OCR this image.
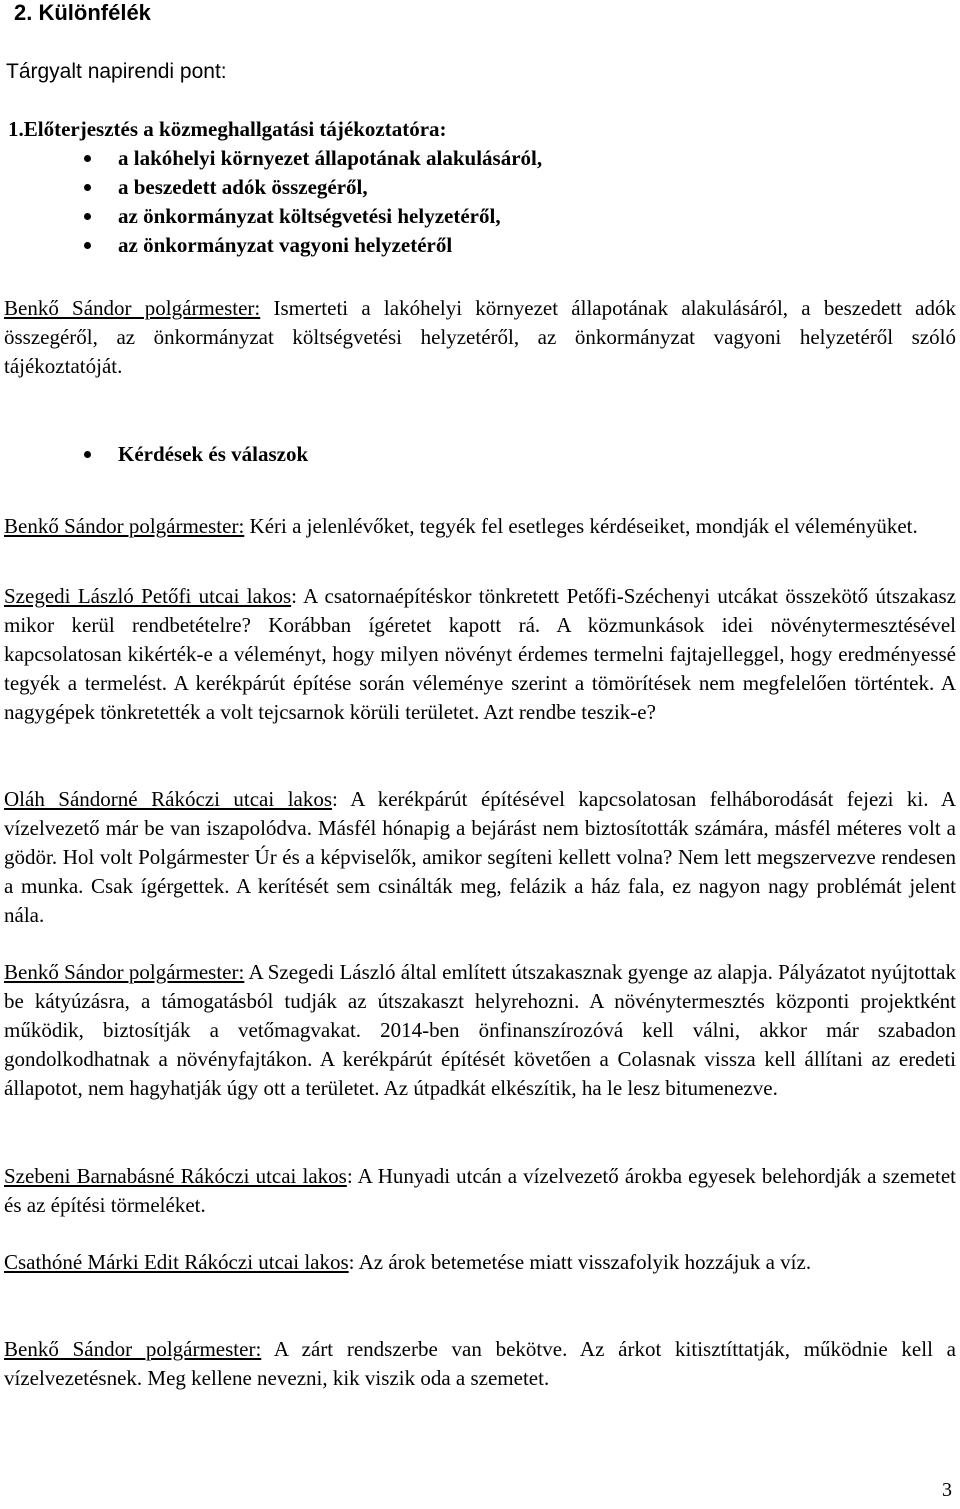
2. Különfélék
Tárgyalt napirendi pont:
1.Előterjesztés a közmeghallgatási tájékoztatóra:
a lakóhelyi környezet állapotának alakulásáról,
a beszedett adók összegéről,
az önkormányzat költségvetési helyzetéről,
az önkormányzat vagyoni helyzetéről

Benkő Sándor polgármester: Ismerteti a lakóhelyi környezet állapotának alakulásáról, a beszedett adók összegéről, az önkormányzat költségvetési helyzetéről, az önkormányzat vagyoni helyzetéről szóló tájékoztatóját.

Kérdések és válaszok

Benkő Sándor polgármester: Kéri a jelenlévőket, tegyék fel esetleges kérdéseiket, mondják el véleményüket.

Szegedi László Petőfi utcai lakos: A csatornaépítéskor tönkretett Petőfi-Széchenyi utcákat összekötő útszakasz mikor kerül rendbetételre? Korábban ígéretet kapott rá. A közmunkások idei növénytermesztésével kapcsolatosan kikérték-e a véleményt, hogy milyen növényt érdemes termelni fajtajelleggel, hogy eredményessé tegyék a termelést. A kerékpárút építése során véleménye szerint a tömörítések nem megfelelően történtek. A nagygépek tönkretették a volt tejcsarnok körüli területet. Azt rendbe teszik-e?

Oláh Sándorné Rákóczi utcai lakos: A kerékpárút építésével kapcsolatosan felháborodását fejezi ki. A vízelvezető már be van iszapolódva. Másfél hónapig a bejárást nem biztosították számára, másfél méteres volt a gödör. Hol volt Polgármester Úr és a képviselők, amikor segíteni kellett volna? Nem lett megszervezve rendesen a munka. Csak ígérgettek. A kerítését sem csinálták meg, felázik a ház fala, ez nagyon nagy problémát jelent nála.

Benkő Sándor polgármester: A Szegedi László által említett útszakasznak gyenge az alapja. Pályázatot nyújtottak be kátyúzásra, a támogatásból tudják az útszakaszt helyrehozni. A növénytermesztés központi projektként működik, biztosítják a vetőmagvakat. 2014-ben önfinanszírozóvá kell válni, akkor már szabadon gondolkodhatnak a növényfajtákon. A kerékpárút építését követően a Colasnak vissza kell állítani az eredeti állapotot, nem hagyhatják úgy ott a területet. Az útpadkát elkészítik, ha le lesz bitumenezve.

Szebeni Barnabásné Rákóczi utcai lakos: A Hunyadi utcán a vízelvezető árokba egyesek belehordják a szemetet és az építési törmeléket.

Csathóné Márki Edit Rákóczi utcai lakos: Az árok betemetése miatt visszafolyik hozzájuk a víz.

Benkő Sándor polgármester: A zárt rendszerbe van bekötve. Az árkot kitisztíttatják, működnie kell a vízelvezetésnek. Meg kellene nevezni, kik viszik oda a szemetet.

3
